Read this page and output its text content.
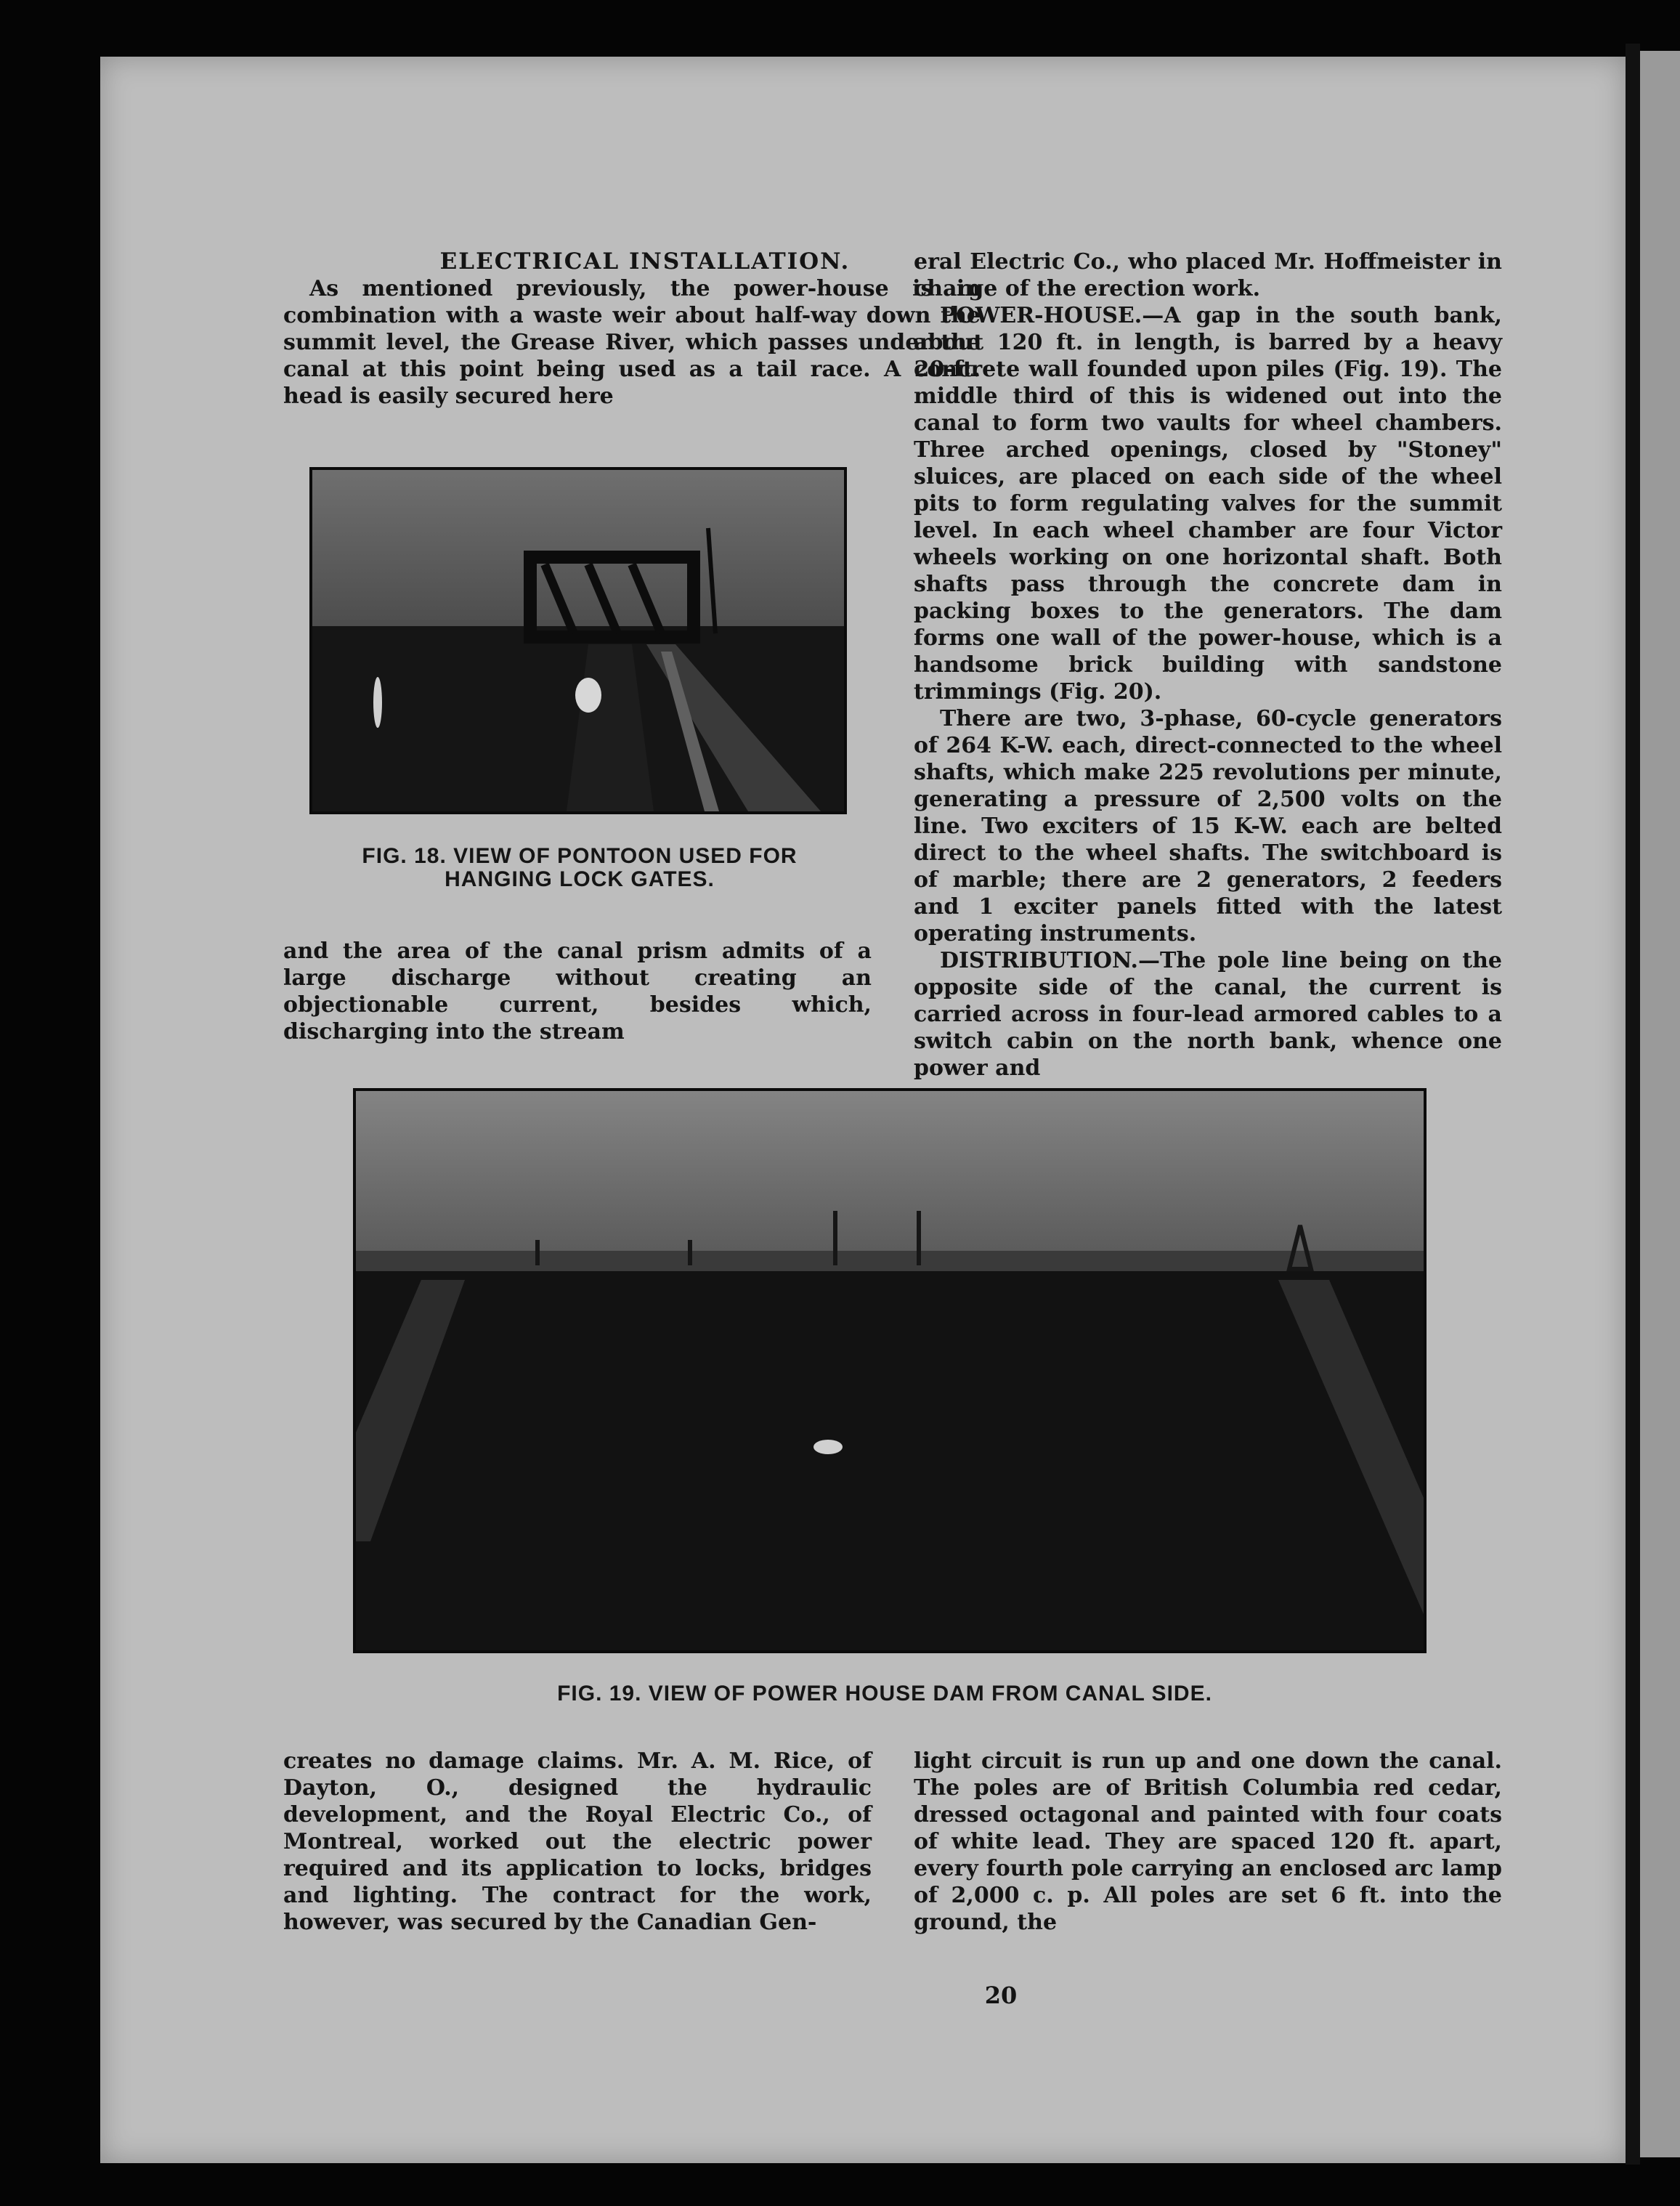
ELECTRICAL INSTALLATION.

As mentioned previously, the power-house is in combination with a waste weir about half-way down the summit level, the Grease River, which passes under the canal at this point being used as a tail race. A 20-ft. head is easily secured here

FIG. 18. VIEW OF PONTOON USED FOR
HANGING LOCK GATES.

and the area of the canal prism admits of a large discharge without creating an objectionable current, besides which, discharging into the stream

eral Electric Co., who placed Mr. Hoffmeister in charge of the erection work.

POWER-HOUSE.—A gap in the south bank, about 120 ft. in length, is barred by a heavy concrete wall founded upon piles (Fig. 19). The middle third of this is widened out into the canal to form two vaults for wheel chambers. Three arched openings, closed by "Stoney" sluices, are placed on each side of the wheel pits to form regulating valves for the summit level. In each wheel chamber are four Victor wheels working on one horizontal shaft. Both shafts pass through the concrete dam in packing boxes to the generators. The dam forms one wall of the power-house, which is a handsome brick building with sandstone trimmings (Fig. 20).

There are two, 3-phase, 60-cycle generators of 264 K-W. each, direct-connected to the wheel shafts, which make 225 revolutions per minute, generating a pressure of 2,500 volts on the line. Two exciters of 15 K-W. each are belted direct to the wheel shafts. The switchboard is of marble; there are 2 generators, 2 feeders and 1 exciter panels fitted with the latest operating instruments.

DISTRIBUTION.—The pole line being on the opposite side of the canal, the current is carried across in four-lead armored cables to a switch cabin on the north bank, whence one power and

FIG. 19. VIEW OF POWER HOUSE DAM FROM CANAL SIDE.

creates no damage claims. Mr. A. M. Rice, of Dayton, O., designed the hydraulic development, and the Royal Electric Co., of Montreal, worked out the electric power required and its application to locks, bridges and lighting. The contract for the work, however, was secured by the Canadian Gen-

light circuit is run up and one down the canal. The poles are of British Columbia red cedar, dressed octagonal and painted with four coats of white lead. They are spaced 120 ft. apart, every fourth pole carrying an enclosed arc lamp of 2,000 c. p. All poles are set 6 ft. into the ground, the

20
